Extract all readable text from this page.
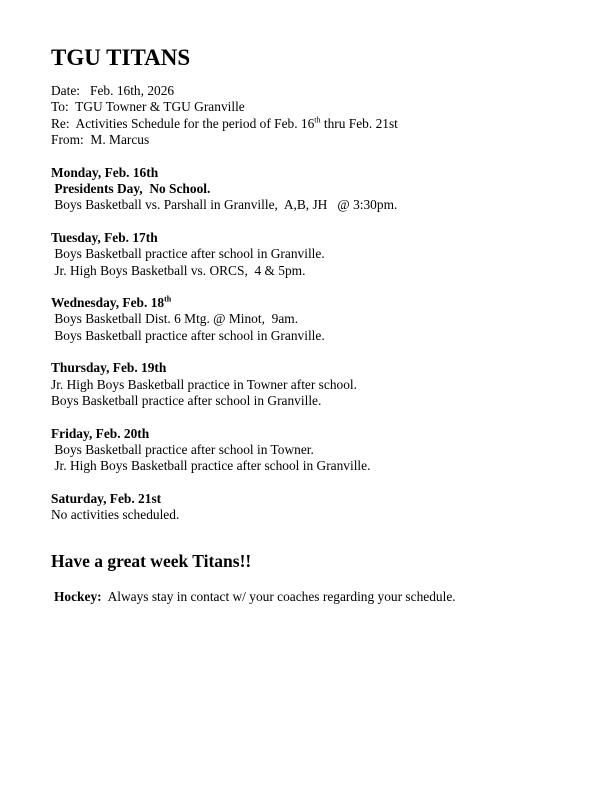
TGU TITANS
Date:   Feb. 16th, 2026
To:  TGU Towner & TGU Granville
Re:  Activities Schedule for the period of Feb. 16th thru Feb. 21st
From:  M. Marcus
Monday, Feb. 16th
Presidents Day,  No School.
Boys Basketball vs. Parshall in Granville,  A,B, JH   @ 3:30pm.
Tuesday, Feb. 17th
Boys Basketball practice after school in Granville.
Jr. High Boys Basketball vs. ORCS,  4 & 5pm.
Wednesday, Feb. 18th
Boys Basketball Dist. 6 Mtg. @ Minot,  9am.
Boys Basketball practice after school in Granville.
Thursday, Feb. 19th
Jr. High Boys Basketball practice in Towner after school.
Boys Basketball practice after school in Granville.
Friday, Feb. 20th
Boys Basketball practice after school in Towner.
Jr. High Boys Basketball practice after school in Granville.
Saturday, Feb. 21st
No activities scheduled.
Have a great week Titans!!
Hockey:  Always stay in contact w/ your coaches regarding your schedule.
